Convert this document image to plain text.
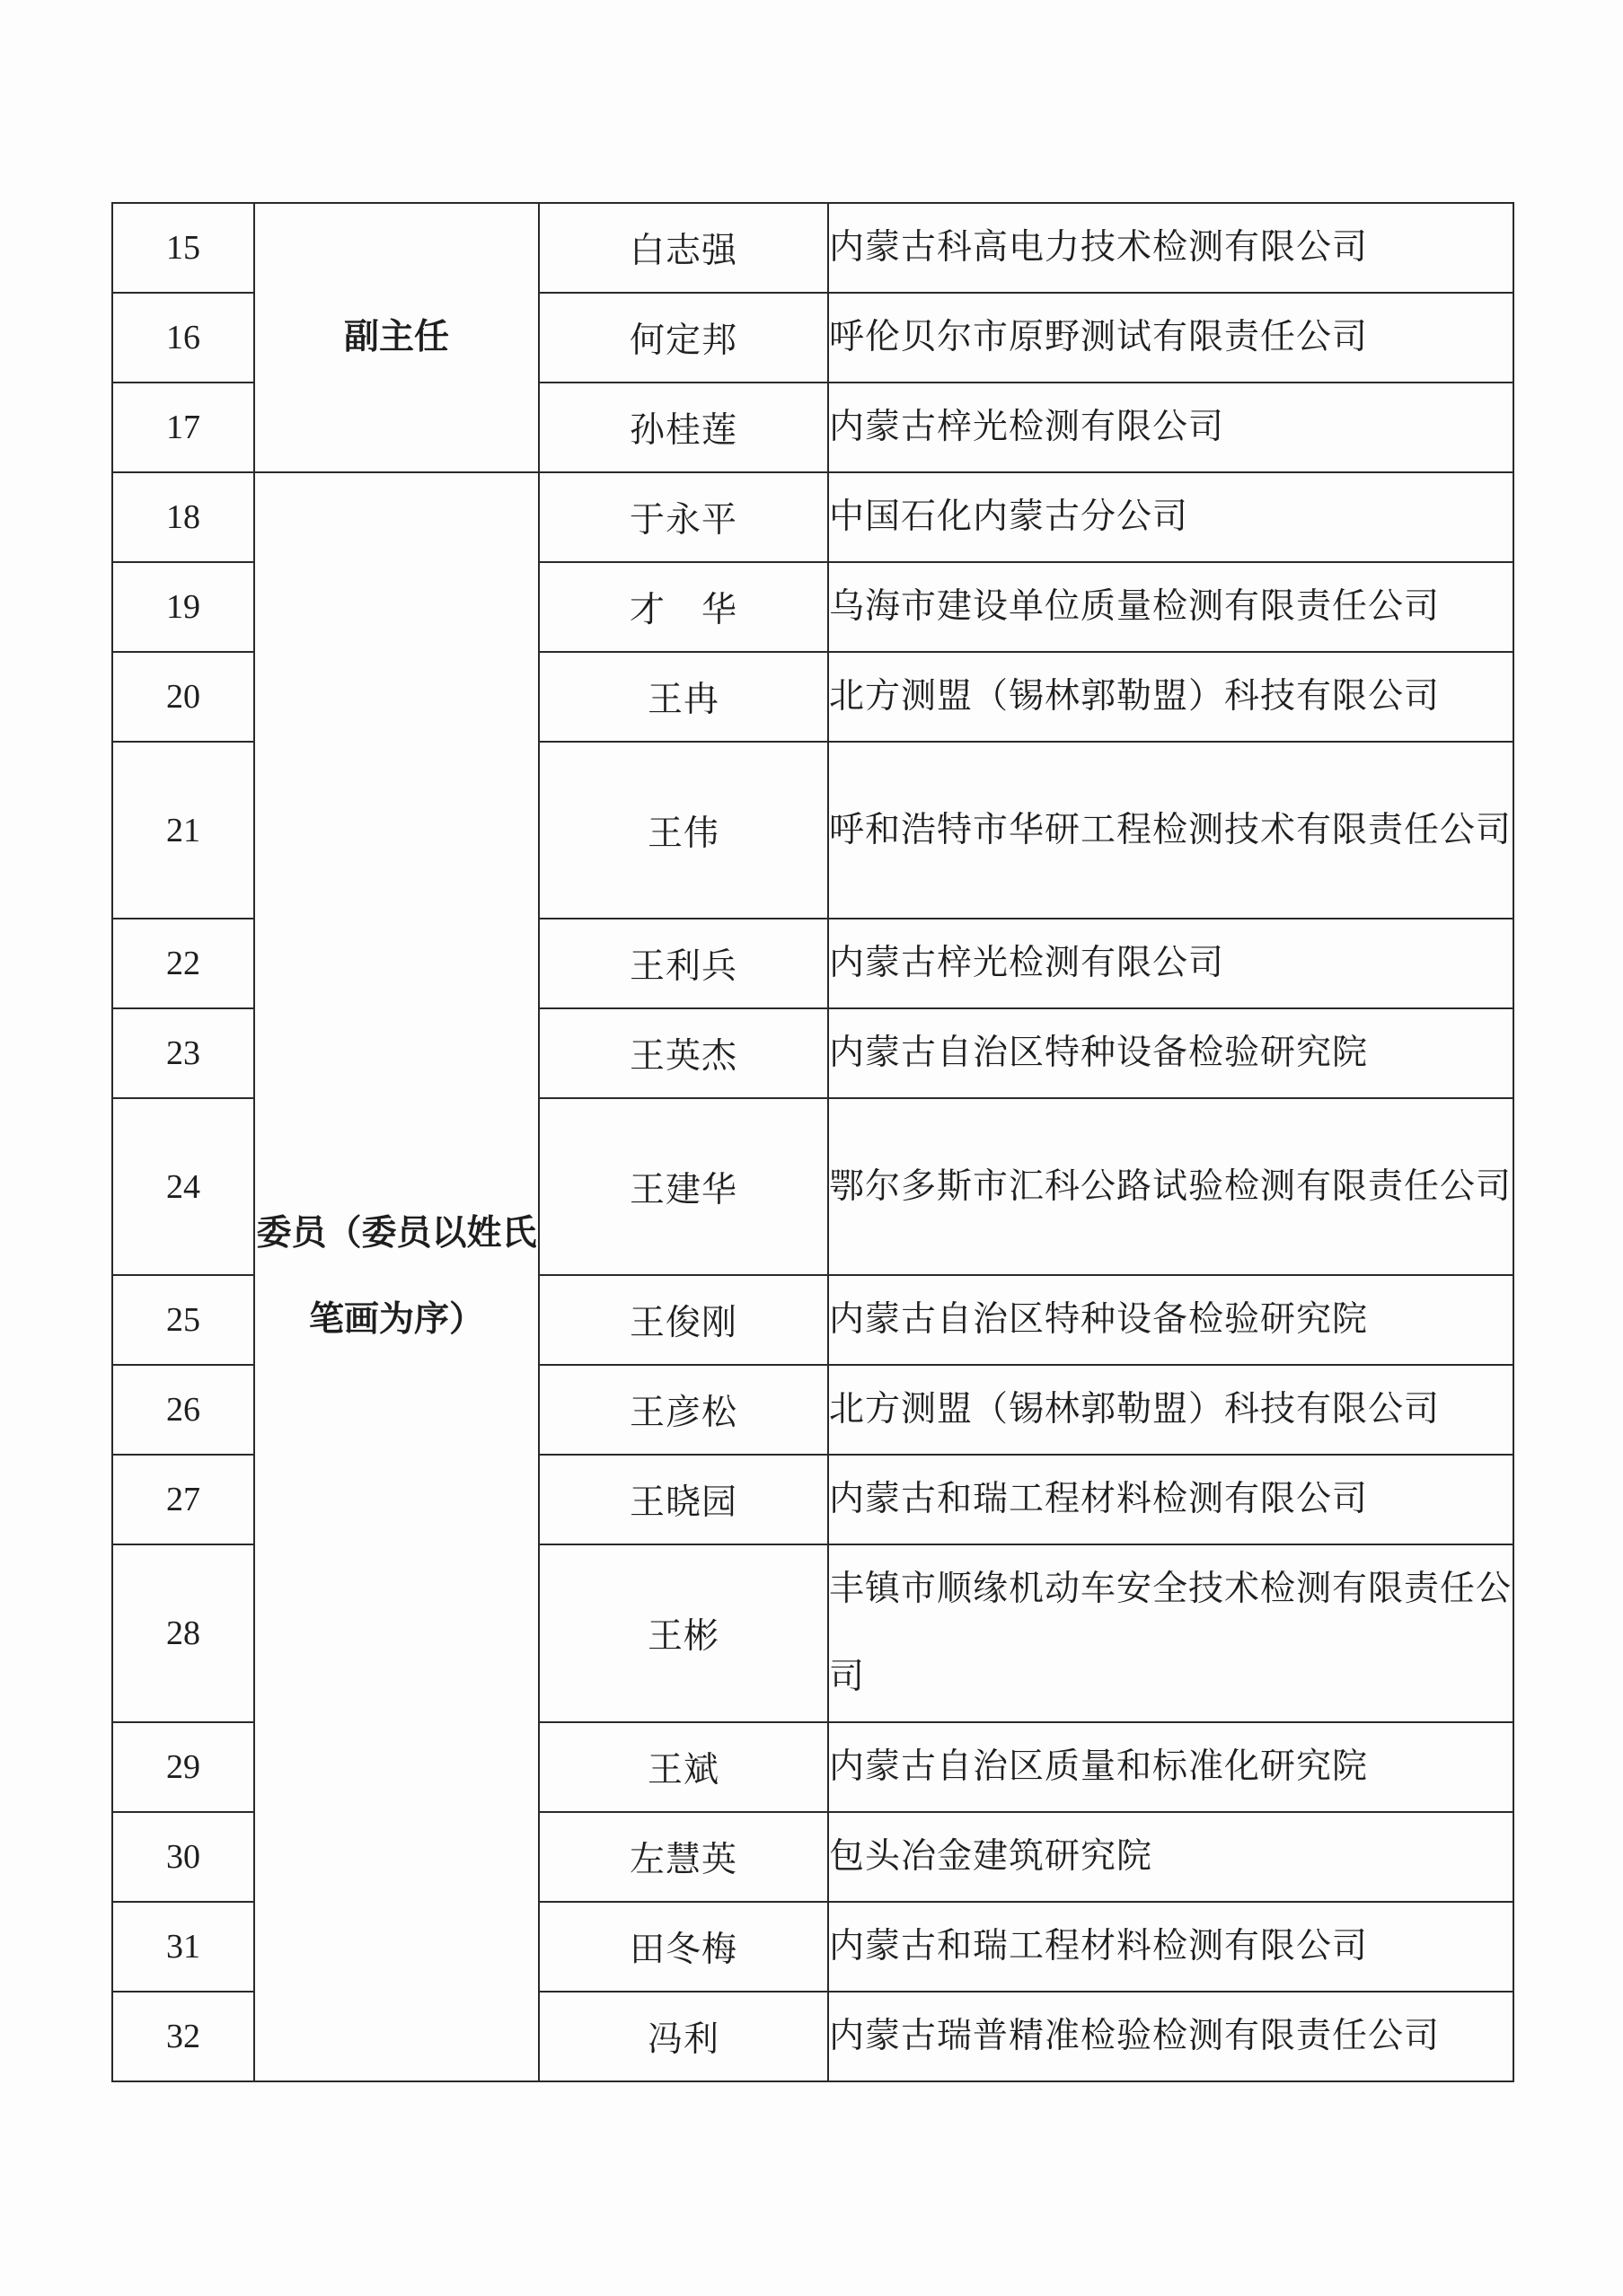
15	副主任	白志强	内蒙古科高电力技术检测有限公司
16		何定邦	呼伦贝尔市原野测试有限责任公司
17		孙桂莲	内蒙古梓光检测有限公司
18	委员（委员以姓氏笔画为序）	于永平	中国石化内蒙古分公司
19		才　华	乌海市建设单位质量检测有限责任公司
20		王冉	北方测盟（锡林郭勒盟）科技有限公司
21		王伟	呼和浩特市华研工程检测技术有限责任公司
22		王利兵	内蒙古梓光检测有限公司
23		王英杰	内蒙古自治区特种设备检验研究院
24		王建华	鄂尔多斯市汇科公路试验检测有限责任公司
25		王俊刚	内蒙古自治区特种设备检验研究院
26		王彦松	北方测盟（锡林郭勒盟）科技有限公司
27		王晓园	内蒙古和瑞工程材料检测有限公司
28		王彬	丰镇市顺缘机动车安全技术检测有限责任公司
29		王斌	内蒙古自治区质量和标准化研究院
30		左慧英	包头冶金建筑研究院
31		田冬梅	内蒙古和瑞工程材料检测有限公司
32		冯利	内蒙古瑞普精准检验检测有限责任公司
